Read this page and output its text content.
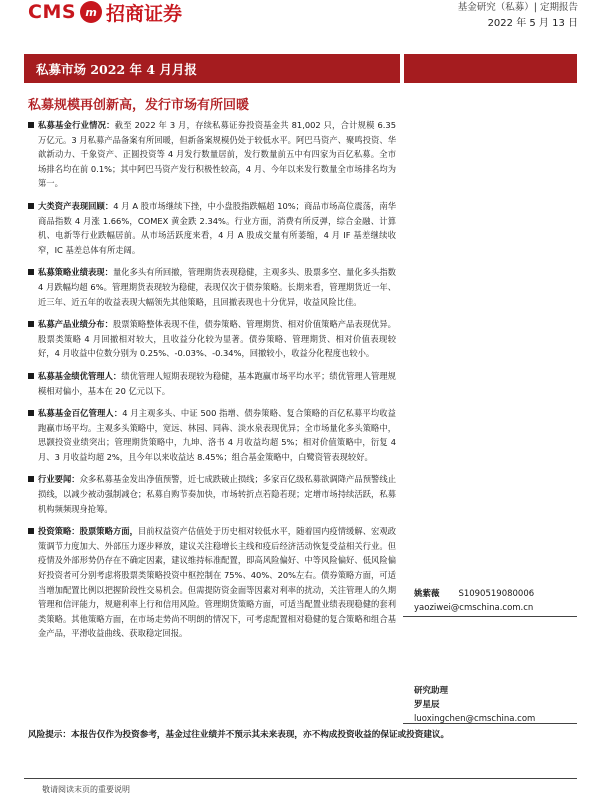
CMS m 招商证券	基金研究（私募）| 定期报告
2022 年 5 月 13 日
私募市场 2022 年 4 月月报
私募规模再创新高，发行市场有所回暖
私募基金行业情况：截至 2022 年 3 月，存续私募证券投资基金共 81,002 只，合计规模 6.35 万亿元。3 月私募产品备案有所回暖，但新备案规模仍处于较低水平。阿巴马资产、聚鸣投资、华歆新动力、千象资产、正圆投资等 4 月发行数量居前，发行数量前五中有四家为百亿私募。全市场排名均在前 0.1%；其中阿巴马资产发行积极性较高，4 月、今年以来发行数量全市场排名均为第一。
大类资产表现回顾：4 月 A 股市场继续下挫，中小盘股指跌幅超 10%；商品市场高位震荡，南华商品指数 4 月涨 1.66%，COMEX 黄金跌 2.34%。行业方面，消费有所反弹，综合金融、计算机、电新等行业跌幅居前。从市场活跃度来看，4 月 A 股成交量有所萎缩，4 月 IF 基差继续收窄，IC 基差总体有所走阔。
私募策略业绩表现：量化多头有所回撤，管理期货表现稳健，主观多头、股票多空、量化多头指数 4 月跌幅均超 6%。管理期货表现较为稳健，表现仅次于债券策略。长期来看，管理期货近一年、近三年、近五年的收益表现大幅领先其他策略，且回撤表现也十分优异，收益风险比佳。
私募产品业绩分布：股票策略整体表现不佳，债券策略、管理期货、相对价值策略产品表现优异。股票类策略 4 月回撤相对较大，且收益分化较为显著。债券策略、管理期货、相对价值表现较好，4 月收益中位数分别为 0.25%、-0.03%、-0.34%，回撤较小，收益分化程度也较小。
私募基金绩优管理人：绩优管理人短期表现较为稳健，基本跑赢市场平均水平；绩优管理人管理规模相对偏小，基本在 20 亿元以下。
私募基金百亿管理人：4 月主观多头、中证 500 指增、债券策略、复合策略的百亿私募平均收益跑赢市场平均。主观多头策略中，宽远、林园、同犇、淡水泉表现优异；全市场量化多头策略中，思颢投资业绩突出；管理期货策略中，九坤、洛书 4 月收益均超 5%；相对价值策略中，衍复 4 月、3 月收益均超 2%，且今年以来收益达 8.45%；组合基金策略中，白鹭资管表现较好。
行业要闻：众多私募基金发出净值预警，近七成跌破止损线；多家百亿级私募欲调降产品预警线止损线，以减少被动强制减仓；私募自购节奏加快，市场转折点若隐若现；定增市场持续活跃，私募机构频频现身抢筹。
投资策略：股票策略方面，目前权益资产估值处于历史相对较低水平，随着国内疫情缓解、宏观政策调节力度加大、外部压力逐步释放，建议关注稳增长主线和疫后经济活动恢复受益相关行业。但疫情及外部形势仍存在不确定因素，建议维持标准配置，即高风险偏好、中等风险偏好、低风险偏好投资者可分别考虑将股票类策略投资中枢控制在 75%、40%、20%左右。债券策略方面，可适当增加配置比例以把握阶段性交易机会。但需提防资金面等因素对利率的扰动，关注管理人的久期管理和信评能力，规避利率上行和信用风险。管理期货策略方面，可适当配置业绩表现稳健的套利类策略。其他策略方面，在市场走势尚不明朗的情况下，可考虑配置相对稳健的复合策略和组合基金产品，平滑收益曲线、获取稳定回报。
风险提示：本报告仅作为投资参考，基金过往业绩并不预示其未来表现，亦不构成投资收益的保证或投资建议。
姚紫薇 S1090519080006
yaoziwei@cmschina.com.cn
研究助理
罗星辰
luoxingchen@cmschina.com
敬请阅读末页的重要说明
